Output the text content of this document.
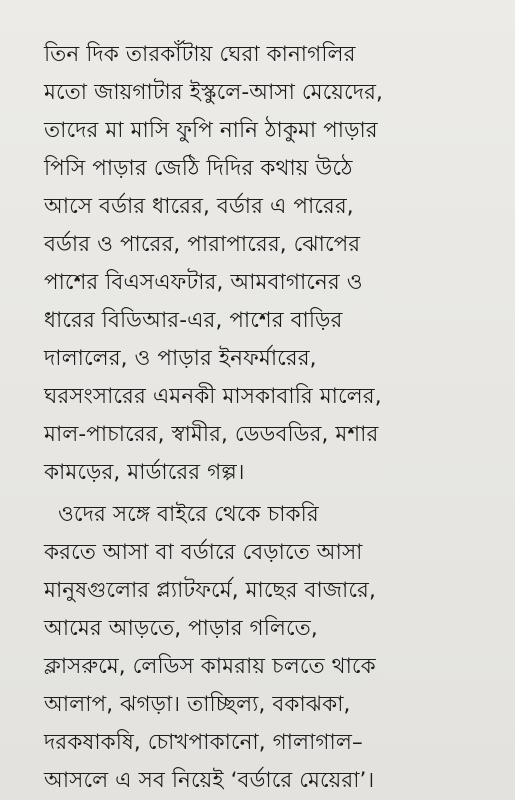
তিন দিক তারকাঁটায় ঘেরা কানাগলির
মতো জায়গাটার ইস্কুলে-আসা মেয়েদের,
তাদের মা মাসি ফুপি নানি ঠাকুমা পাড়ার
পিসি পাড়ার জেঠি দিদির কথায় উঠে
আসে বর্ডার ধারের, বর্ডার এ পারের,
বর্ডার ও পারের, পারাপারের, ঝোপের
পাশের বিএসএফটার, আমবাগানের ও
ধারের বিডিআর-এর, পাশের বাড়ির
দালালের, ও পাড়ার ইনফর্মারের,
ঘরসংসারের এমনকী মাসকাবারি মালের,
মাল-পাচারের, স্বামীর, ডেডবডির, মশার
কামড়ের, মার্ডারের গল্প।
ওদের সঙ্গে বাইরে থেকে চাকরি
করতে আসা বা বর্ডারে বেড়াতে আসা
মানুষগুলোর প্ল্যাটফর্মে, মাছের বাজারে,
আমের আড়তে, পাড়ার গলিতে,
ক্লাসরুমে, লেডিস কামরায় চলতে থাকে
আলাপ, ঝগড়া। তাচ্ছিল্য, বকাঝকা,
দরকষাকষি, চোখপাকানো, গালাগাল–
আসলে এ সব নিয়েই ‘বর্ডারে মেয়েরা’।
